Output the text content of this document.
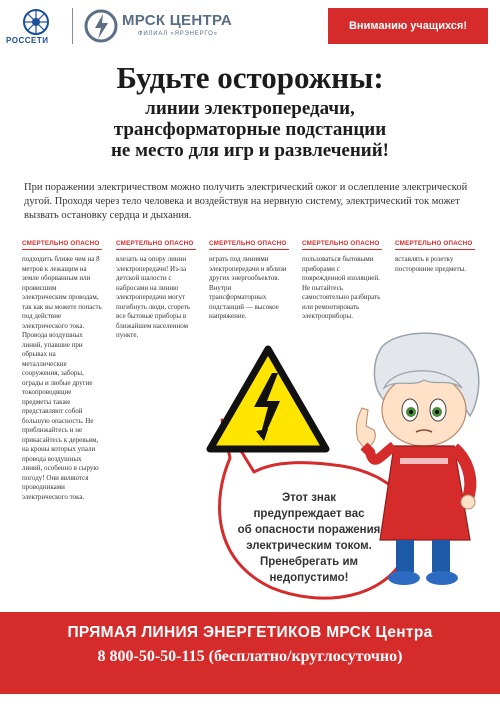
РОССЕТИ
МРСК ЦЕНТРА
ФИЛИАЛ «ЯРЭНЕРГО»
Вниманию учащихся!
Будьте осторожны:
линии электропередачи,
трансформаторные подстанции
не место для игр и развлечений!
При поражении электричеством можно получить электрический ожог и ослепление электрической дугой. Проходя через тело человека и воздействуя на нервную систему, электрический ток может вызвать остановку сердца и дыхания.
СМЕРТЕЛЬНО ОПАСНО
подходить ближе чем на 8 метров к лежащим на земле оборванным или провисшим электрическим проводам, так как вы можете попасть под действие электрического тока. Провода воздушных линий, упавшие при обрывах на металлические сооружения, заборы, ограды и любые другие токопроводящие предметы также представляют собой большую опасность. Не приближайтесь и не прикасайтесь к деревьям, на кроны которых упали провода воздушных линий, особенно в сырую погоду! Они являются проводниками электрического тока.
СМЕРТЕЛЬНО ОПАСНО
влезать на опору линии электропередачи! Из-за детской шалости с набросами на линию электропередачи могут погибнуть люди, сгореть все бытовые приборы в ближайшем населенном пункте.
СМЕРТЕЛЬНО ОПАСНО
играть под линиями электропередачи и вблизи других энергообъектов. Внутри трансформаторных подстанций — высокое напряжение.
СМЕРТЕЛЬНО ОПАСНО
пользоваться бытовыми приборами с поврежденной изоляцией. Не пытайтесь самостоятельно разбирать или ремонтировать электроприборы.
СМЕРТЕЛЬНО ОПАСНО
вставлять в розетку посторонние предметы.
Этот знак
предупреждает вас
об опасности поражения
электрическим током.
Пренебрегать им
недопустимо!
ПРЯМАЯ ЛИНИЯ ЭНЕРГЕТИКОВ МРСК Центра
8 800-50-50-115 (бесплатно/круглосуточно)
